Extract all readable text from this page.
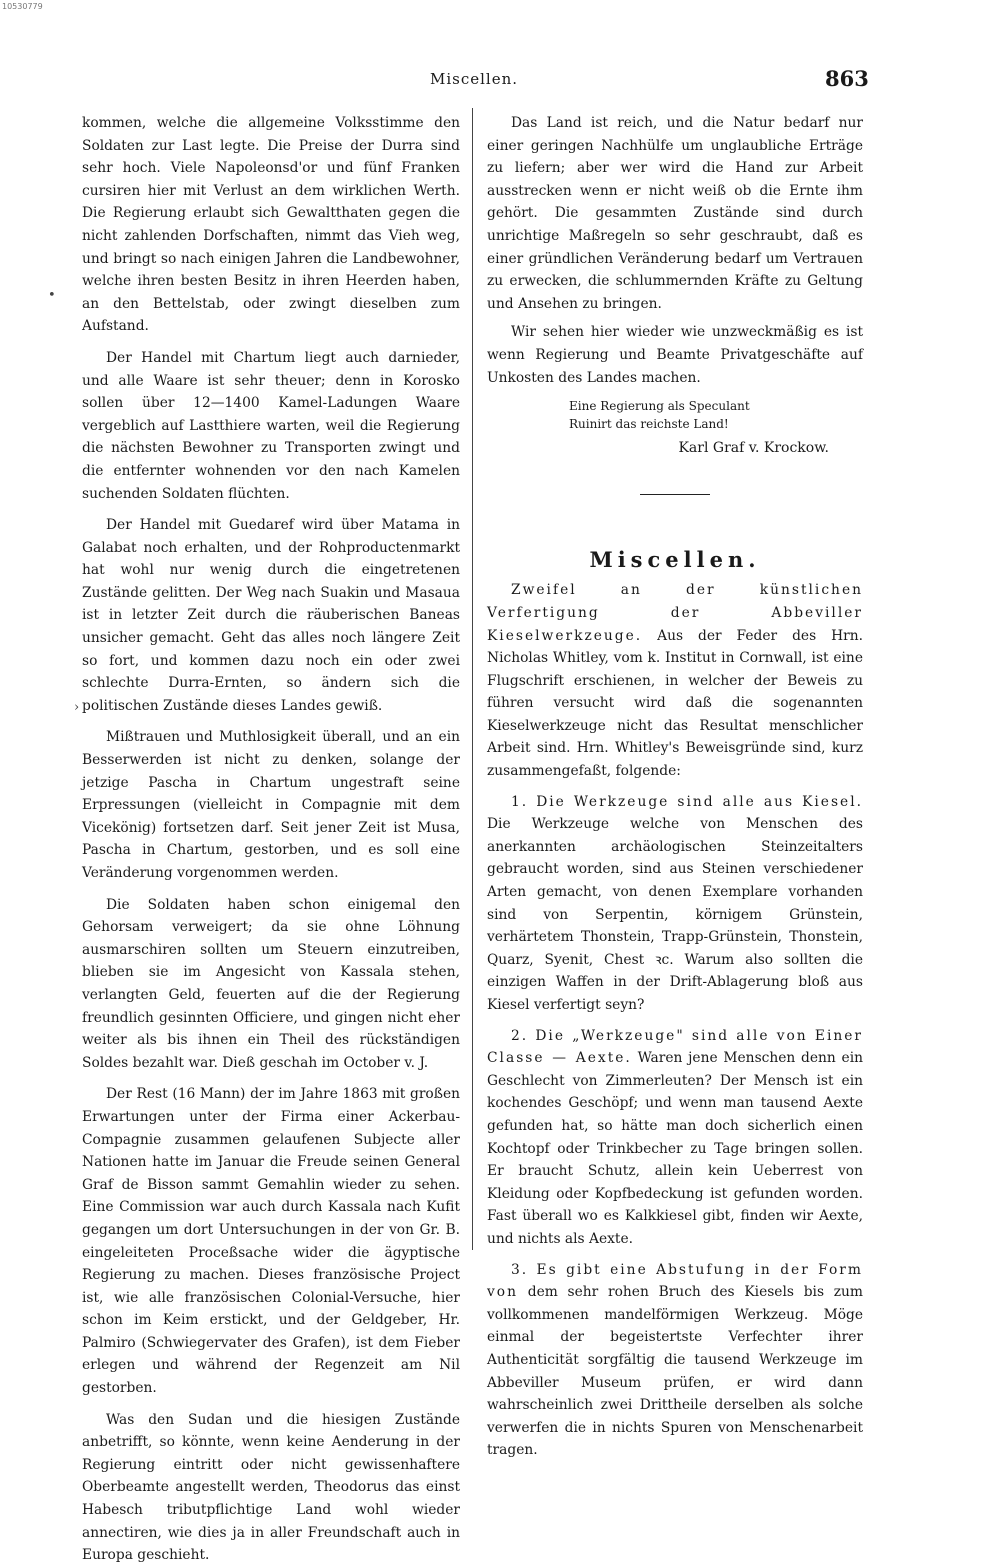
10530779
Miscellen.	863
•
›

kommen, welche die allgemeine Volksstimme den Soldaten zur Last legte. Die Preise der Durra sind sehr hoch. Viele Napoleonsd'or und fünf Franken cursiren hier mit Verlust an dem wirklichen Werth. Die Regierung erlaubt sich Gewaltthaten gegen die nicht zahlenden Dorfschaften, nimmt das Vieh weg, und bringt so nach einigen Jahren die Landbewohner, welche ihren besten Besitz in ihren Heerden haben, an den Bettelstab, oder zwingt dieselben zum Aufstand.

Der Handel mit Chartum liegt auch darnieder, und alle Waare ist sehr theuer; denn in Korosko sollen über 12—1400 Kamel-Ladungen Waare vergeblich auf Lastthiere warten, weil die Regierung die nächsten Bewohner zu Transporten zwingt und die entfernter wohnenden vor den nach Kamelen suchenden Soldaten flüchten.

Der Handel mit Guedaref wird über Matama in Galabat noch erhalten, und der Rohproductenmarkt hat wohl nur wenig durch die eingetretenen Zustände gelitten. Der Weg nach Suakin und Masaua ist in letzter Zeit durch die räuberischen Baneas unsicher gemacht. Geht das alles noch längere Zeit so fort, und kommen dazu noch ein oder zwei schlechte Durra-Ernten, so ändern sich die politischen Zustände dieses Landes gewiß.

Mißtrauen und Muthlosigkeit überall, und an ein Besserwerden ist nicht zu denken, solange der jetzige Pascha in Chartum ungestraft seine Erpressungen (vielleicht in Compagnie mit dem Vicekönig) fortsetzen darf. Seit jener Zeit ist Musa, Pascha in Chartum, gestorben, und es soll eine Veränderung vorgenommen werden.

Die Soldaten haben schon einigemal den Gehorsam verweigert; da sie ohne Löhnung ausmarschiren sollten um Steuern einzutreiben, blieben sie im Angesicht von Kassala stehen, verlangten Geld, feuerten auf die der Regierung freundlich gesinnten Officiere, und gingen nicht eher weiter als bis ihnen ein Theil des rückständigen Soldes bezahlt war. Dieß geschah im October v. J.

Der Rest (16 Mann) der im Jahre 1863 mit großen Erwartungen unter der Firma einer Ackerbau-Compagnie zusammen gelaufenen Subjecte aller Nationen hatte im Januar die Freude seinen General Graf de Bisson sammt Gemahlin wieder zu sehen. Eine Commission war auch durch Kassala nach Kufit gegangen um dort Untersuchungen in der von Gr. B. eingeleiteten Proceßsache wider die ägyptische Regierung zu machen. Dieses französische Project ist, wie alle französischen Colonial-Versuche, hier schon im Keim erstickt, und der Geldgeber, Hr. Palmiro (Schwiegervater des Grafen), ist dem Fieber erlegen und während der Regenzeit am Nil gestorben.

Was den Sudan und die hiesigen Zustände anbetrifft, so könnte, wenn keine Aenderung in der Regierung eintritt oder nicht gewissenhaftere Oberbeamte angestellt werden, Theodorus das einst Habesch tributpflichtige Land wohl wieder annectiren, wie dies ja in aller Freundschaft auch in Europa geschieht.

Das Land ist reich, und die Natur bedarf nur einer geringen Nachhülfe um unglaubliche Erträge zu liefern; aber wer wird die Hand zur Arbeit ausstrecken wenn er nicht weiß ob die Ernte ihm gehört. Die gesammten Zustände sind durch unrichtige Maßregeln so sehr geschraubt, daß es einer gründlichen Veränderung bedarf um Vertrauen zu erwecken, die schlummernden Kräfte zu Geltung und Ansehen zu bringen.

Wir sehen hier wieder wie unzweckmäßig es ist wenn Regierung und Beamte Privatgeschäfte auf Unkosten des Landes machen.

Eine Regierung als Speculant
Ruinirt das reichste Land!
Karl Graf v. Krockow.
Miscellen.

Zweifel an der künstlichen Verfertigung der Abbeviller Kieselwerkzeuge. Aus der Feder des Hrn. Nicholas Whitley, vom k. Institut in Cornwall, ist eine Flugschrift erschienen, in welcher der Beweis zu führen versucht wird daß die sogenannten Kieselwerkzeuge nicht das Resultat menschlicher Arbeit sind. Hrn. Whitley's Beweisgründe sind, kurz zusammengefaßt, folgende:

1. Die Werkzeuge sind alle aus Kiesel. Die Werkzeuge welche von Menschen des anerkannten archäologischen Steinzeitalters gebraucht worden, sind aus Steinen verschiedener Arten gemacht, von denen Exemplare vorhanden sind von Serpentin, körnigem Grünstein, verhärtetem Thonstein, Trapp-Grünstein, Thonstein, Quarz, Syenit, Chest ꝛc. Warum also sollten die einzigen Waffen in der Drift-Ablagerung bloß aus Kiesel verfertigt seyn?

2. Die „Werkzeuge" sind alle von Einer Classe — Aexte. Waren jene Menschen denn ein Geschlecht von Zimmerleuten? Der Mensch ist ein kochendes Geschöpf; und wenn man tausend Aexte gefunden hat, so hätte man doch sicherlich einen Kochtopf oder Trinkbecher zu Tage bringen sollen. Er braucht Schutz, allein kein Ueberrest von Kleidung oder Kopfbedeckung ist gefunden worden. Fast überall wo es Kalkkiesel gibt, finden wir Aexte, und nichts als Aexte.

3. Es gibt eine Abstufung in der Form von dem sehr rohen Bruch des Kiesels bis zum vollkommenen mandelförmigen Werkzeug. Möge einmal der begeistertste Verfechter ihrer Authenticität sorgfältig die tausend Werkzeuge im Abbeviller Museum prüfen, er wird dann wahrscheinlich zwei Drittheile derselben als solche verwerfen die in nichts Spuren von Menschenarbeit tragen.
